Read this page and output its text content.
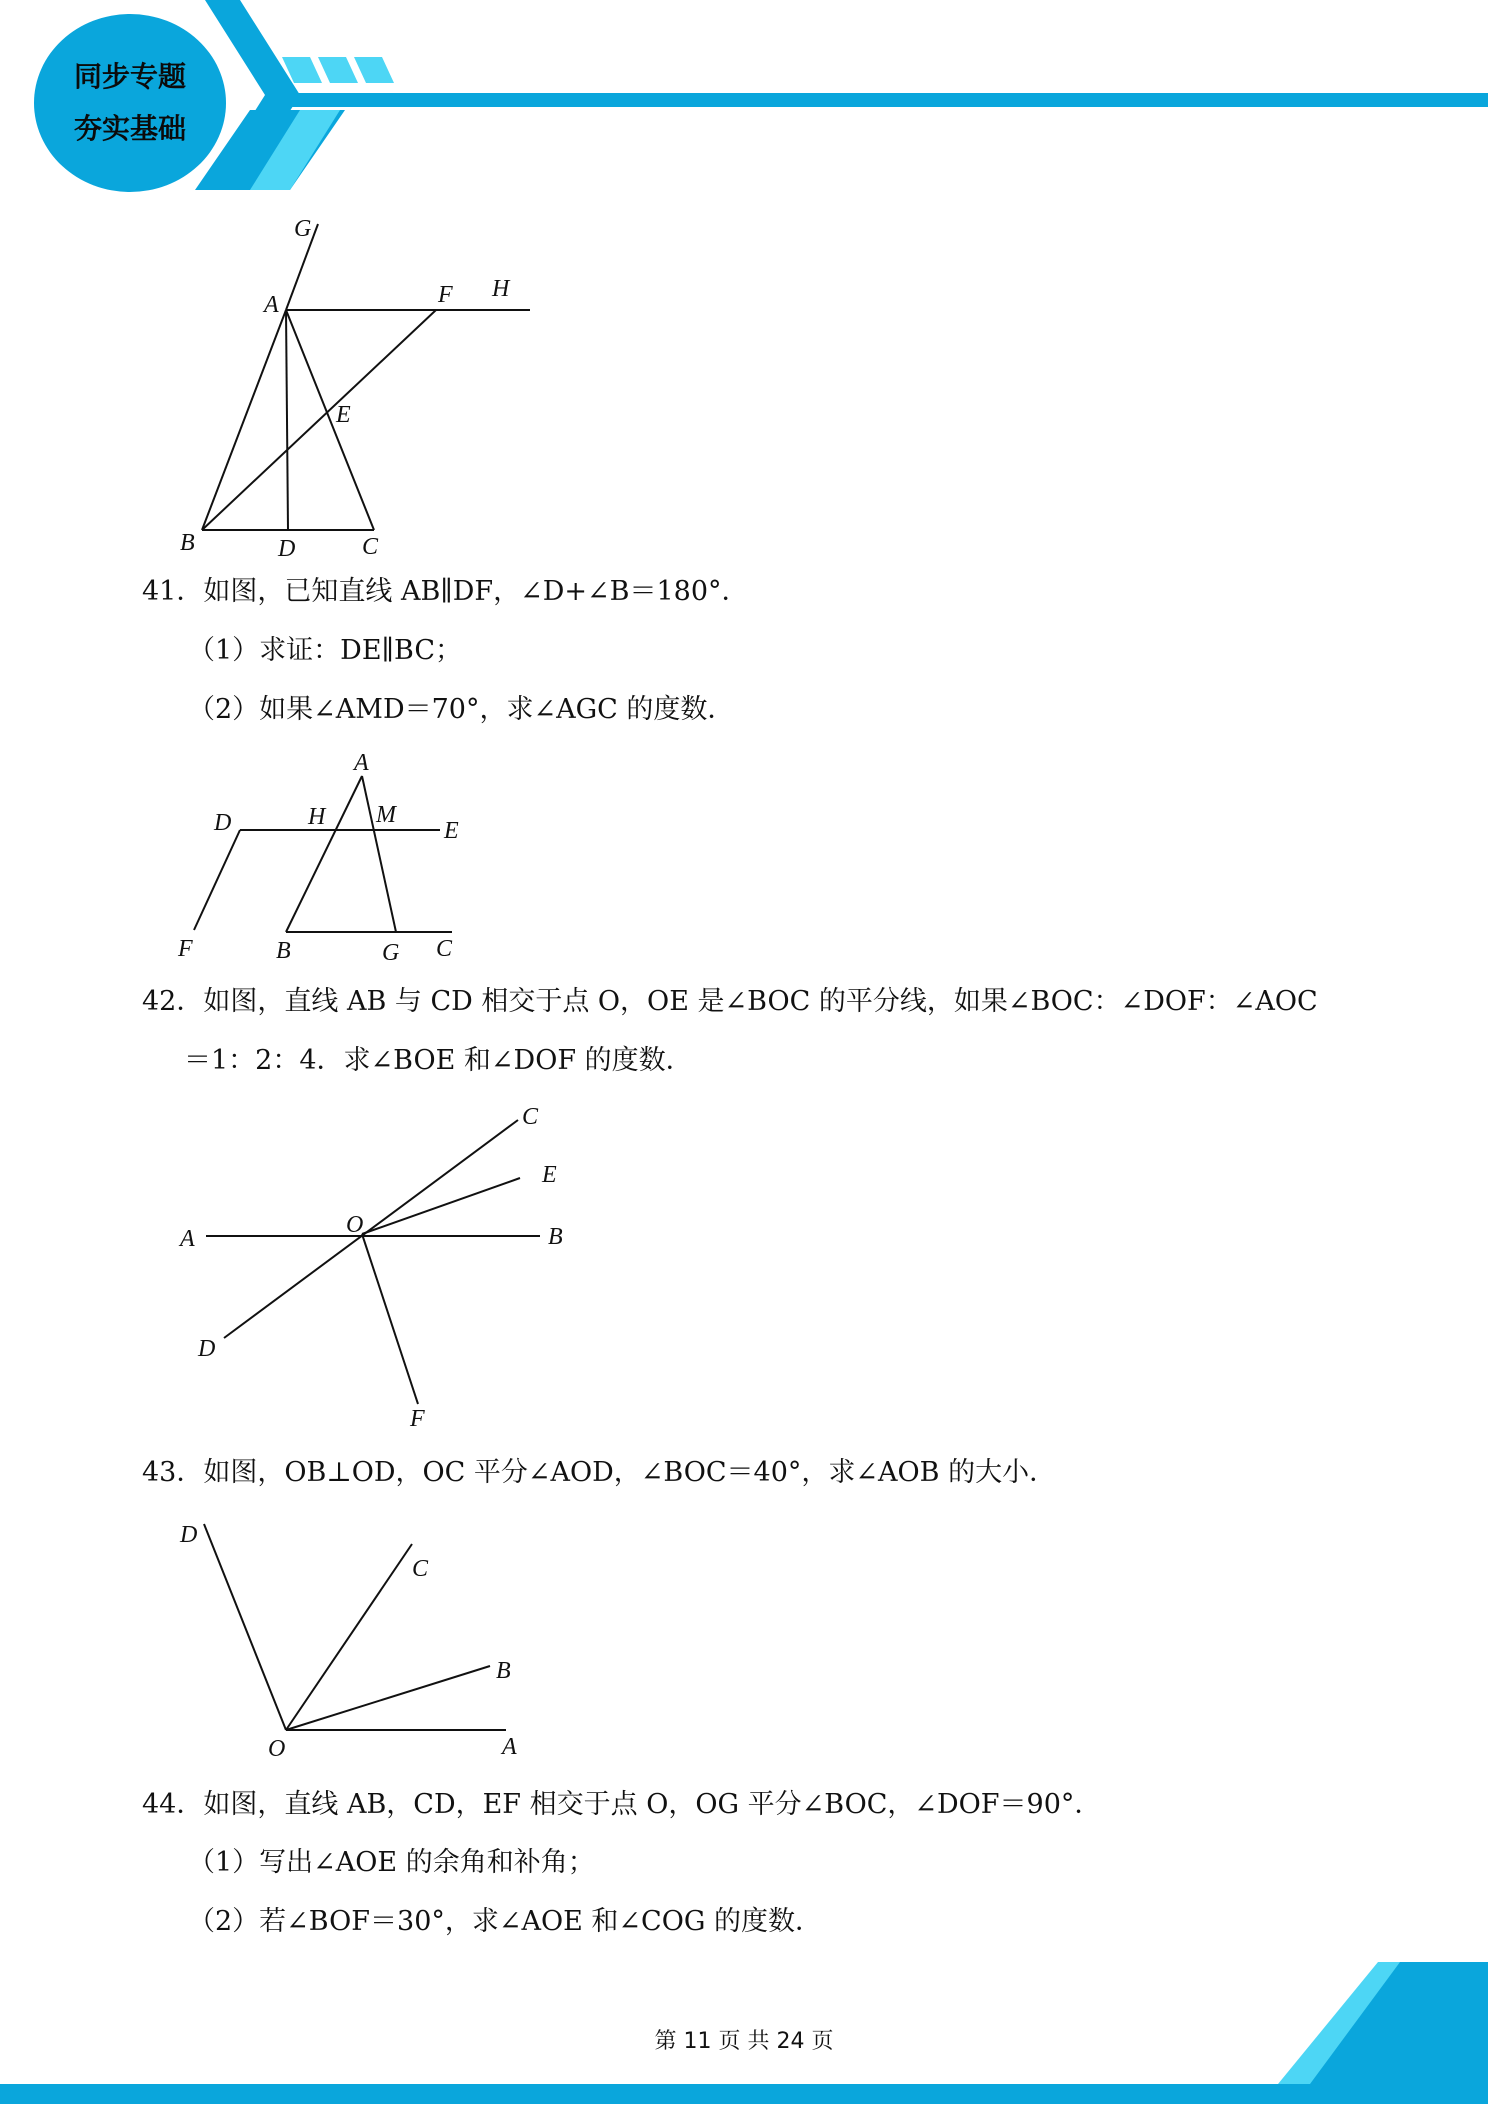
同步专题
夯实基础
G
A	F H
E
B	D	C
41．如图，已知直线 AB∥DF，∠D+∠B＝180°．
（1）求证：DE∥BC；
（2）如果∠AMD＝70°，求∠AGC 的度数．
A
D	H M
E
F	B	G C
42．如图，直线 AB 与 CD 相交于点 O，OE 是∠BOC 的平分线，如果∠BOC：∠DOF：∠AOC
＝1：2：4．求∠BOE 和∠DOF 的度数．
C
E
A
O	B
D
F
43．如图，OB⊥OD，OC 平分∠AOD，∠BOC＝40°，求∠AOB 的大小．
D
C
B
O	A
44．如图，直线 AB，CD，EF 相交于点 O，OG 平分∠BOC，∠DOF＝90°．
（1）写出∠AOE 的余角和补角；
（2）若∠BOF＝30°，求∠AOE 和∠COG 的度数．
第 11 页 共 24 页
